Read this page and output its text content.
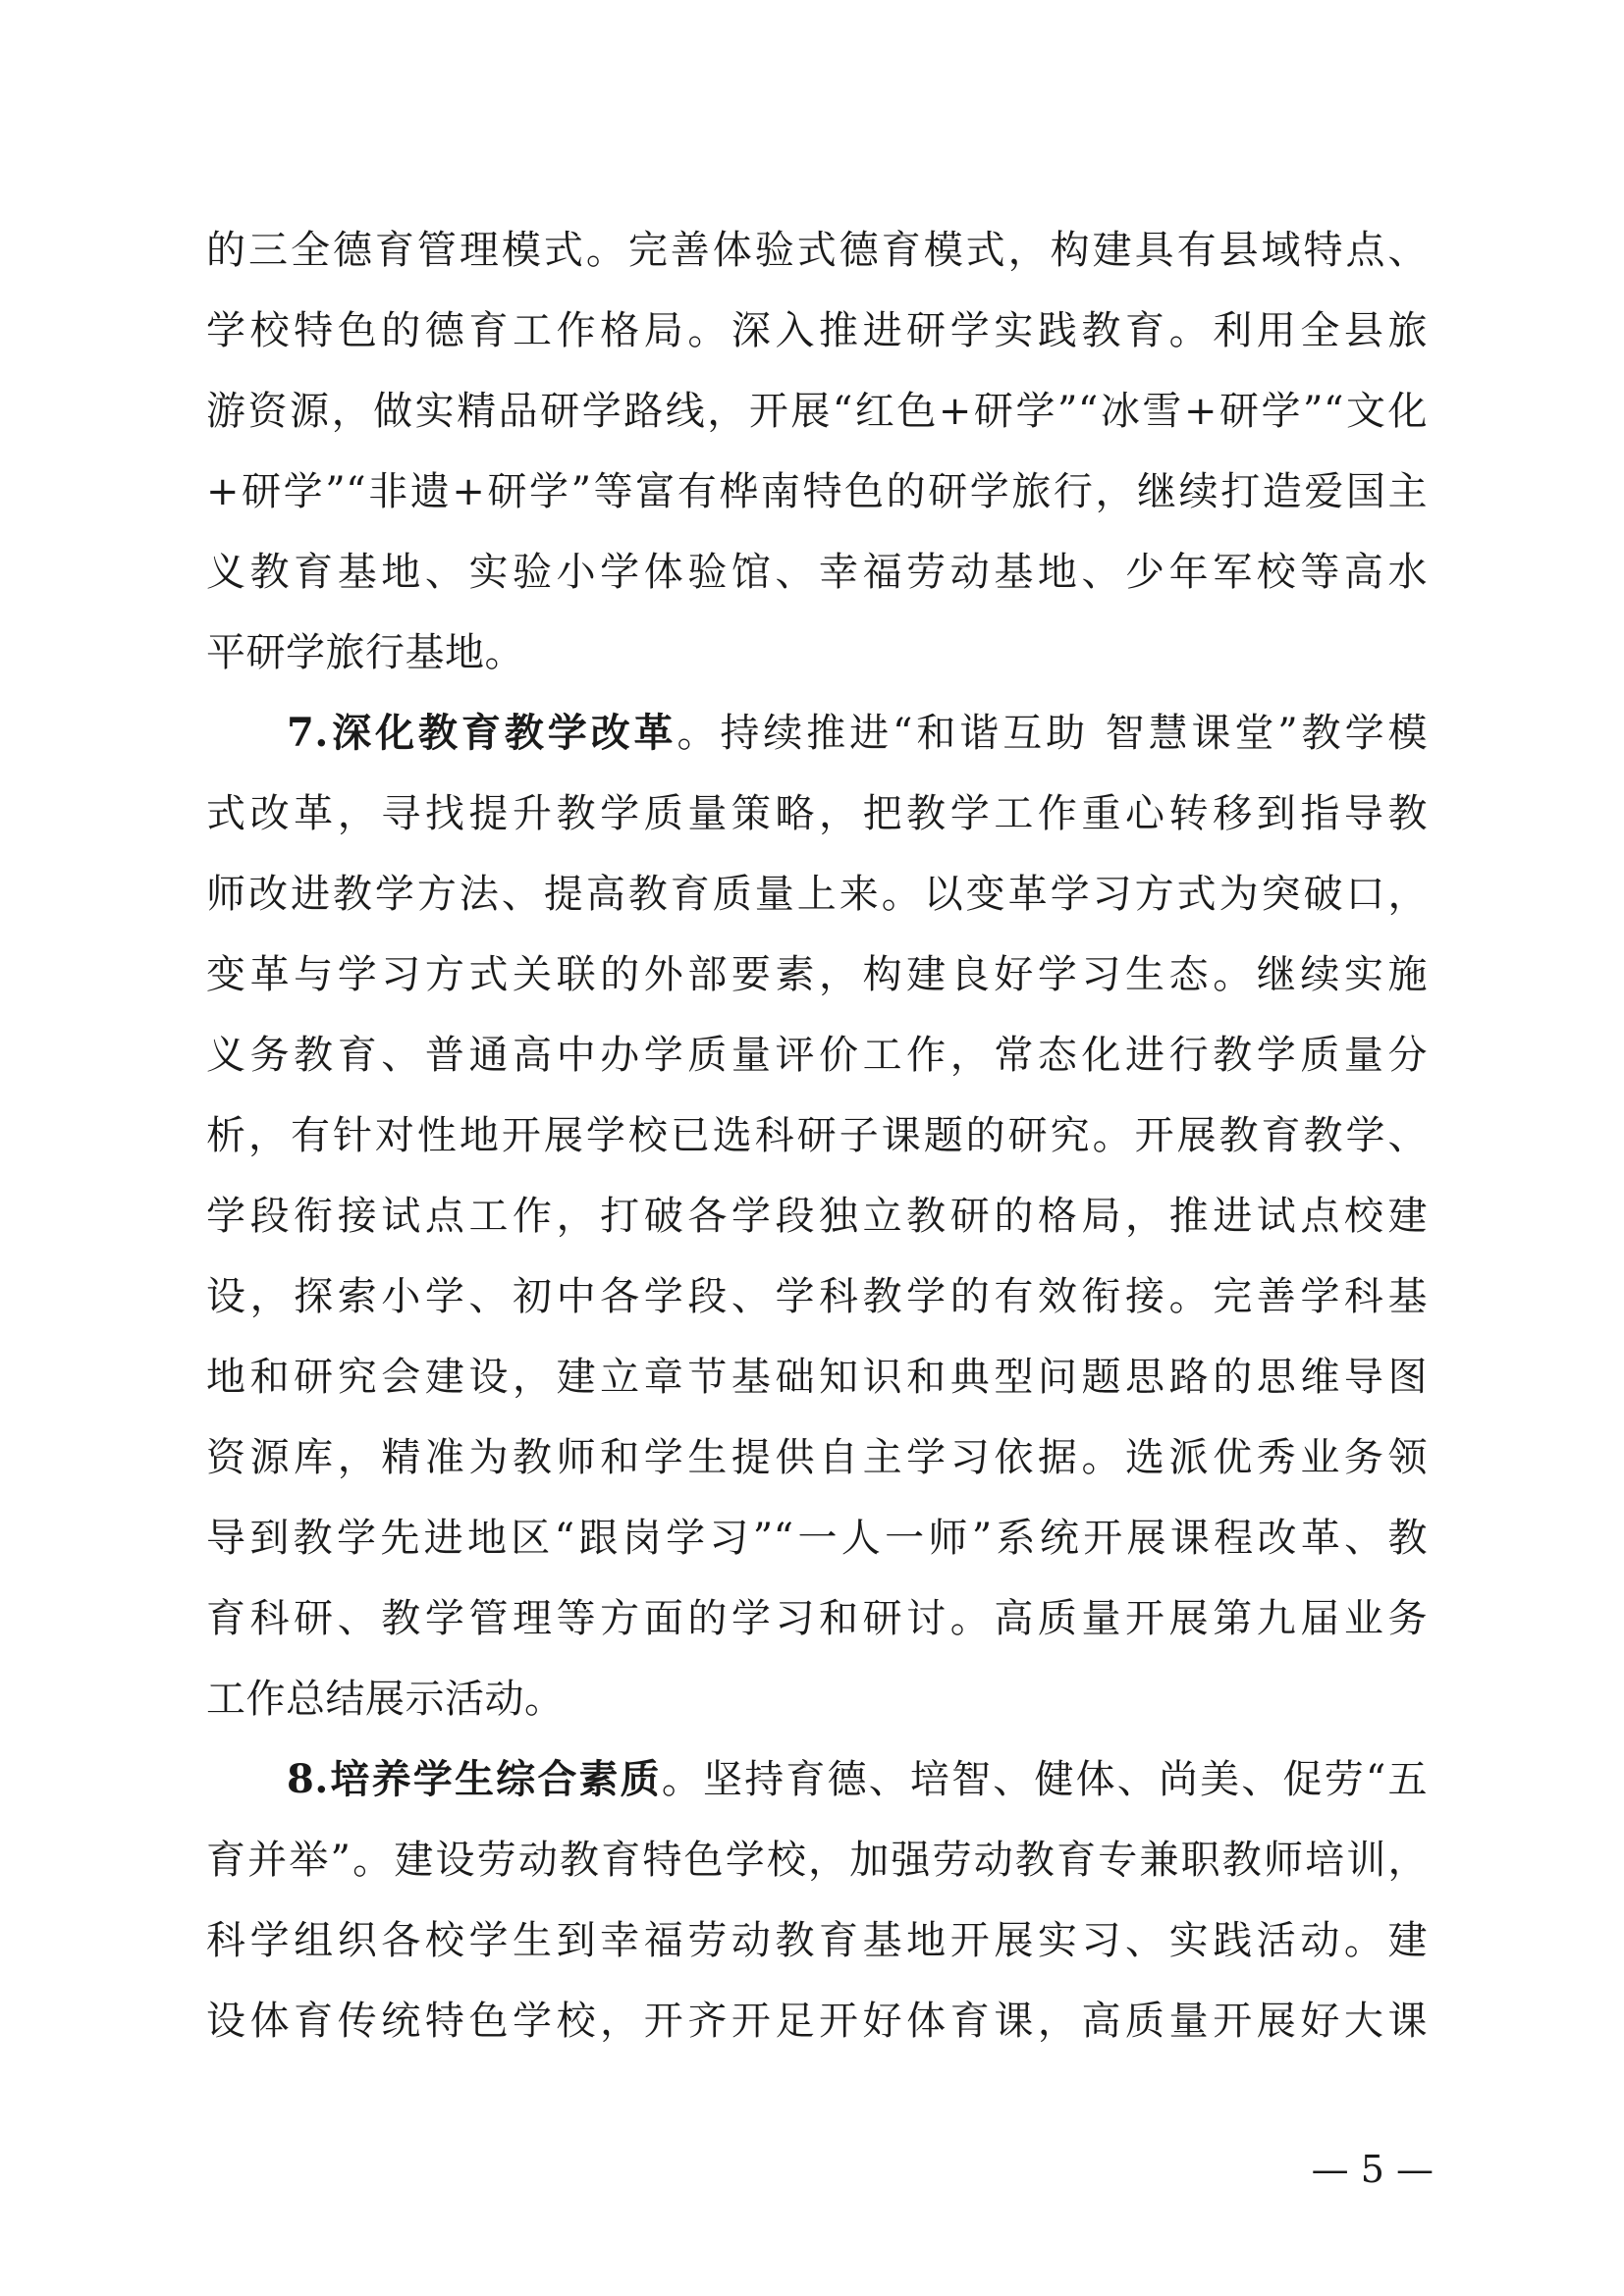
的三全德育管理模式。完善体验式德育模式，构建具有县域特点、
学校特色的德育工作格局。深入推进研学实践教育。利用全县旅
游资源，做实精品研学路线，开展“红色+研学”“冰雪+研学”“文化
+研学”“非遗+研学”等富有桦南特色的研学旅行，继续打造爱国主
义教育基地、实验小学体验馆、幸福劳动基地、少年军校等高水
平研学旅行基地。
7.深化教育教学改革。持续推进“和谐互助 智慧课堂”教学模
式改革，寻找提升教学质量策略，把教学工作重心转移到指导教
师改进教学方法、提高教育质量上来。以变革学习方式为突破口，
变革与学习方式关联的外部要素，构建良好学习生态。继续实施
义务教育、普通高中办学质量评价工作，常态化进行教学质量分
析，有针对性地开展学校已选科研子课题的研究。开展教育教学、
学段衔接试点工作，打破各学段独立教研的格局，推进试点校建
设，探索小学、初中各学段、学科教学的有效衔接。完善学科基
地和研究会建设，建立章节基础知识和典型问题思路的思维导图
资源库，精准为教师和学生提供自主学习依据。选派优秀业务领
导到教学先进地区“跟岗学习”“一人一师”系统开展课程改革、教
育科研、教学管理等方面的学习和研讨。高质量开展第九届业务
工作总结展示活动。
8.培养学生综合素质。坚持育德、培智、健体、尚美、促劳“五
育并举”。建设劳动教育特色学校，加强劳动教育专兼职教师培训，
科学组织各校学生到幸福劳动教育基地开展实习、实践活动。建
设体育传统特色学校，开齐开足开好体育课，高质量开展好大课
— 5 —
